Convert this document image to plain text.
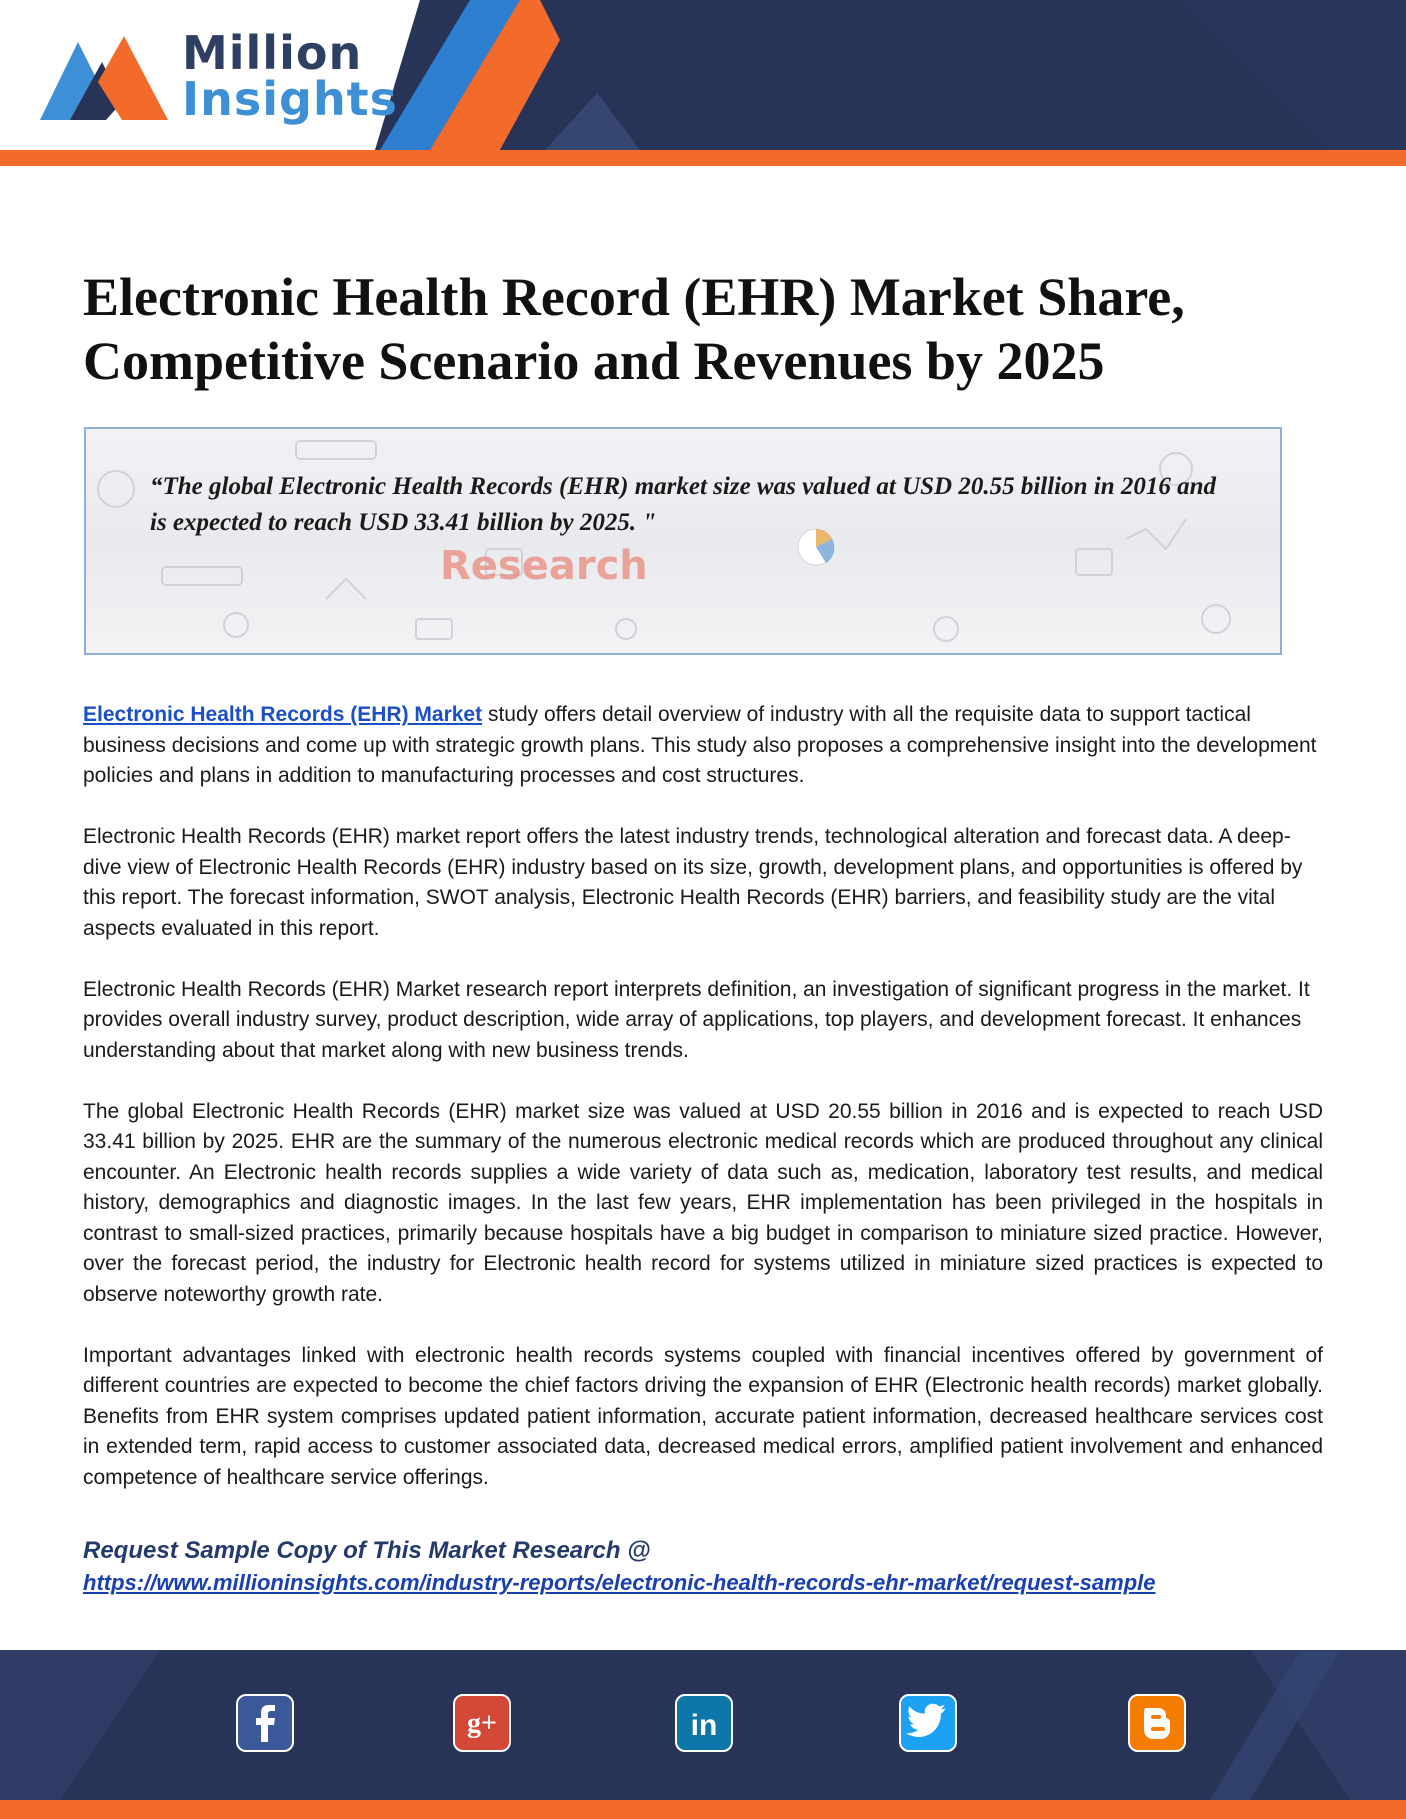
Million
Insights
Electronic Health Record (EHR) Market Share, Competitive Scenario and Revenues by 2025
Research
“The global Electronic Health Records (EHR) market size was valued at USD 20.55 billion in 2016 and is expected to reach USD 33.41 billion by 2025. "

Electronic Health Records (EHR) Market study offers detail overview of industry with all the requisite data to support tactical business decisions and come up with strategic growth plans. This study also proposes a comprehensive insight into the development policies and plans in addition to manufacturing processes and cost structures.

Electronic Health Records (EHR) market report offers the latest industry trends, technological alteration and forecast data. A deep-dive view of Electronic Health Records (EHR) industry based on its size, growth, development plans, and opportunities is offered by this report. The forecast information, SWOT analysis, Electronic Health Records (EHR) barriers, and feasibility study are the vital aspects evaluated in this report.

Electronic Health Records (EHR) Market research report interprets definition, an investigation of significant progress in the market. It provides overall industry survey, product description, wide array of applications, top players, and development forecast. It enhances understanding about that market along with new business trends.

The global Electronic Health Records (EHR) market size was valued at USD 20.55 billion in 2016 and is expected to reach USD 33.41 billion by 2025. EHR are the summary of the numerous electronic medical records which are produced throughout any clinical encounter. An Electronic health records supplies a wide variety of data such as, medication, laboratory test results, and medical history, demographics and diagnostic images. In the last few years, EHR implementation has been privileged in the hospitals in contrast to small-sized practices, primarily because hospitals have a big budget in comparison to miniature sized practice. However, over the forecast period, the industry for Electronic health record for systems utilized in miniature sized practices is expected to observe noteworthy growth rate.

Important advantages linked with electronic health records systems coupled with financial incentives offered by government of different countries are expected to become the chief factors driving the expansion of EHR (Electronic health records) market globally. Benefits from EHR system comprises updated patient information, accurate patient information, decreased healthcare services cost in extended term, rapid access to customer associated data, decreased medical errors, amplified patient involvement and enhanced competence of healthcare service offerings.

Request Sample Copy of This Market Research @
https://www.millioninsights.com/industry-reports/electronic-health-records-ehr-market/request-sample
g+	in
